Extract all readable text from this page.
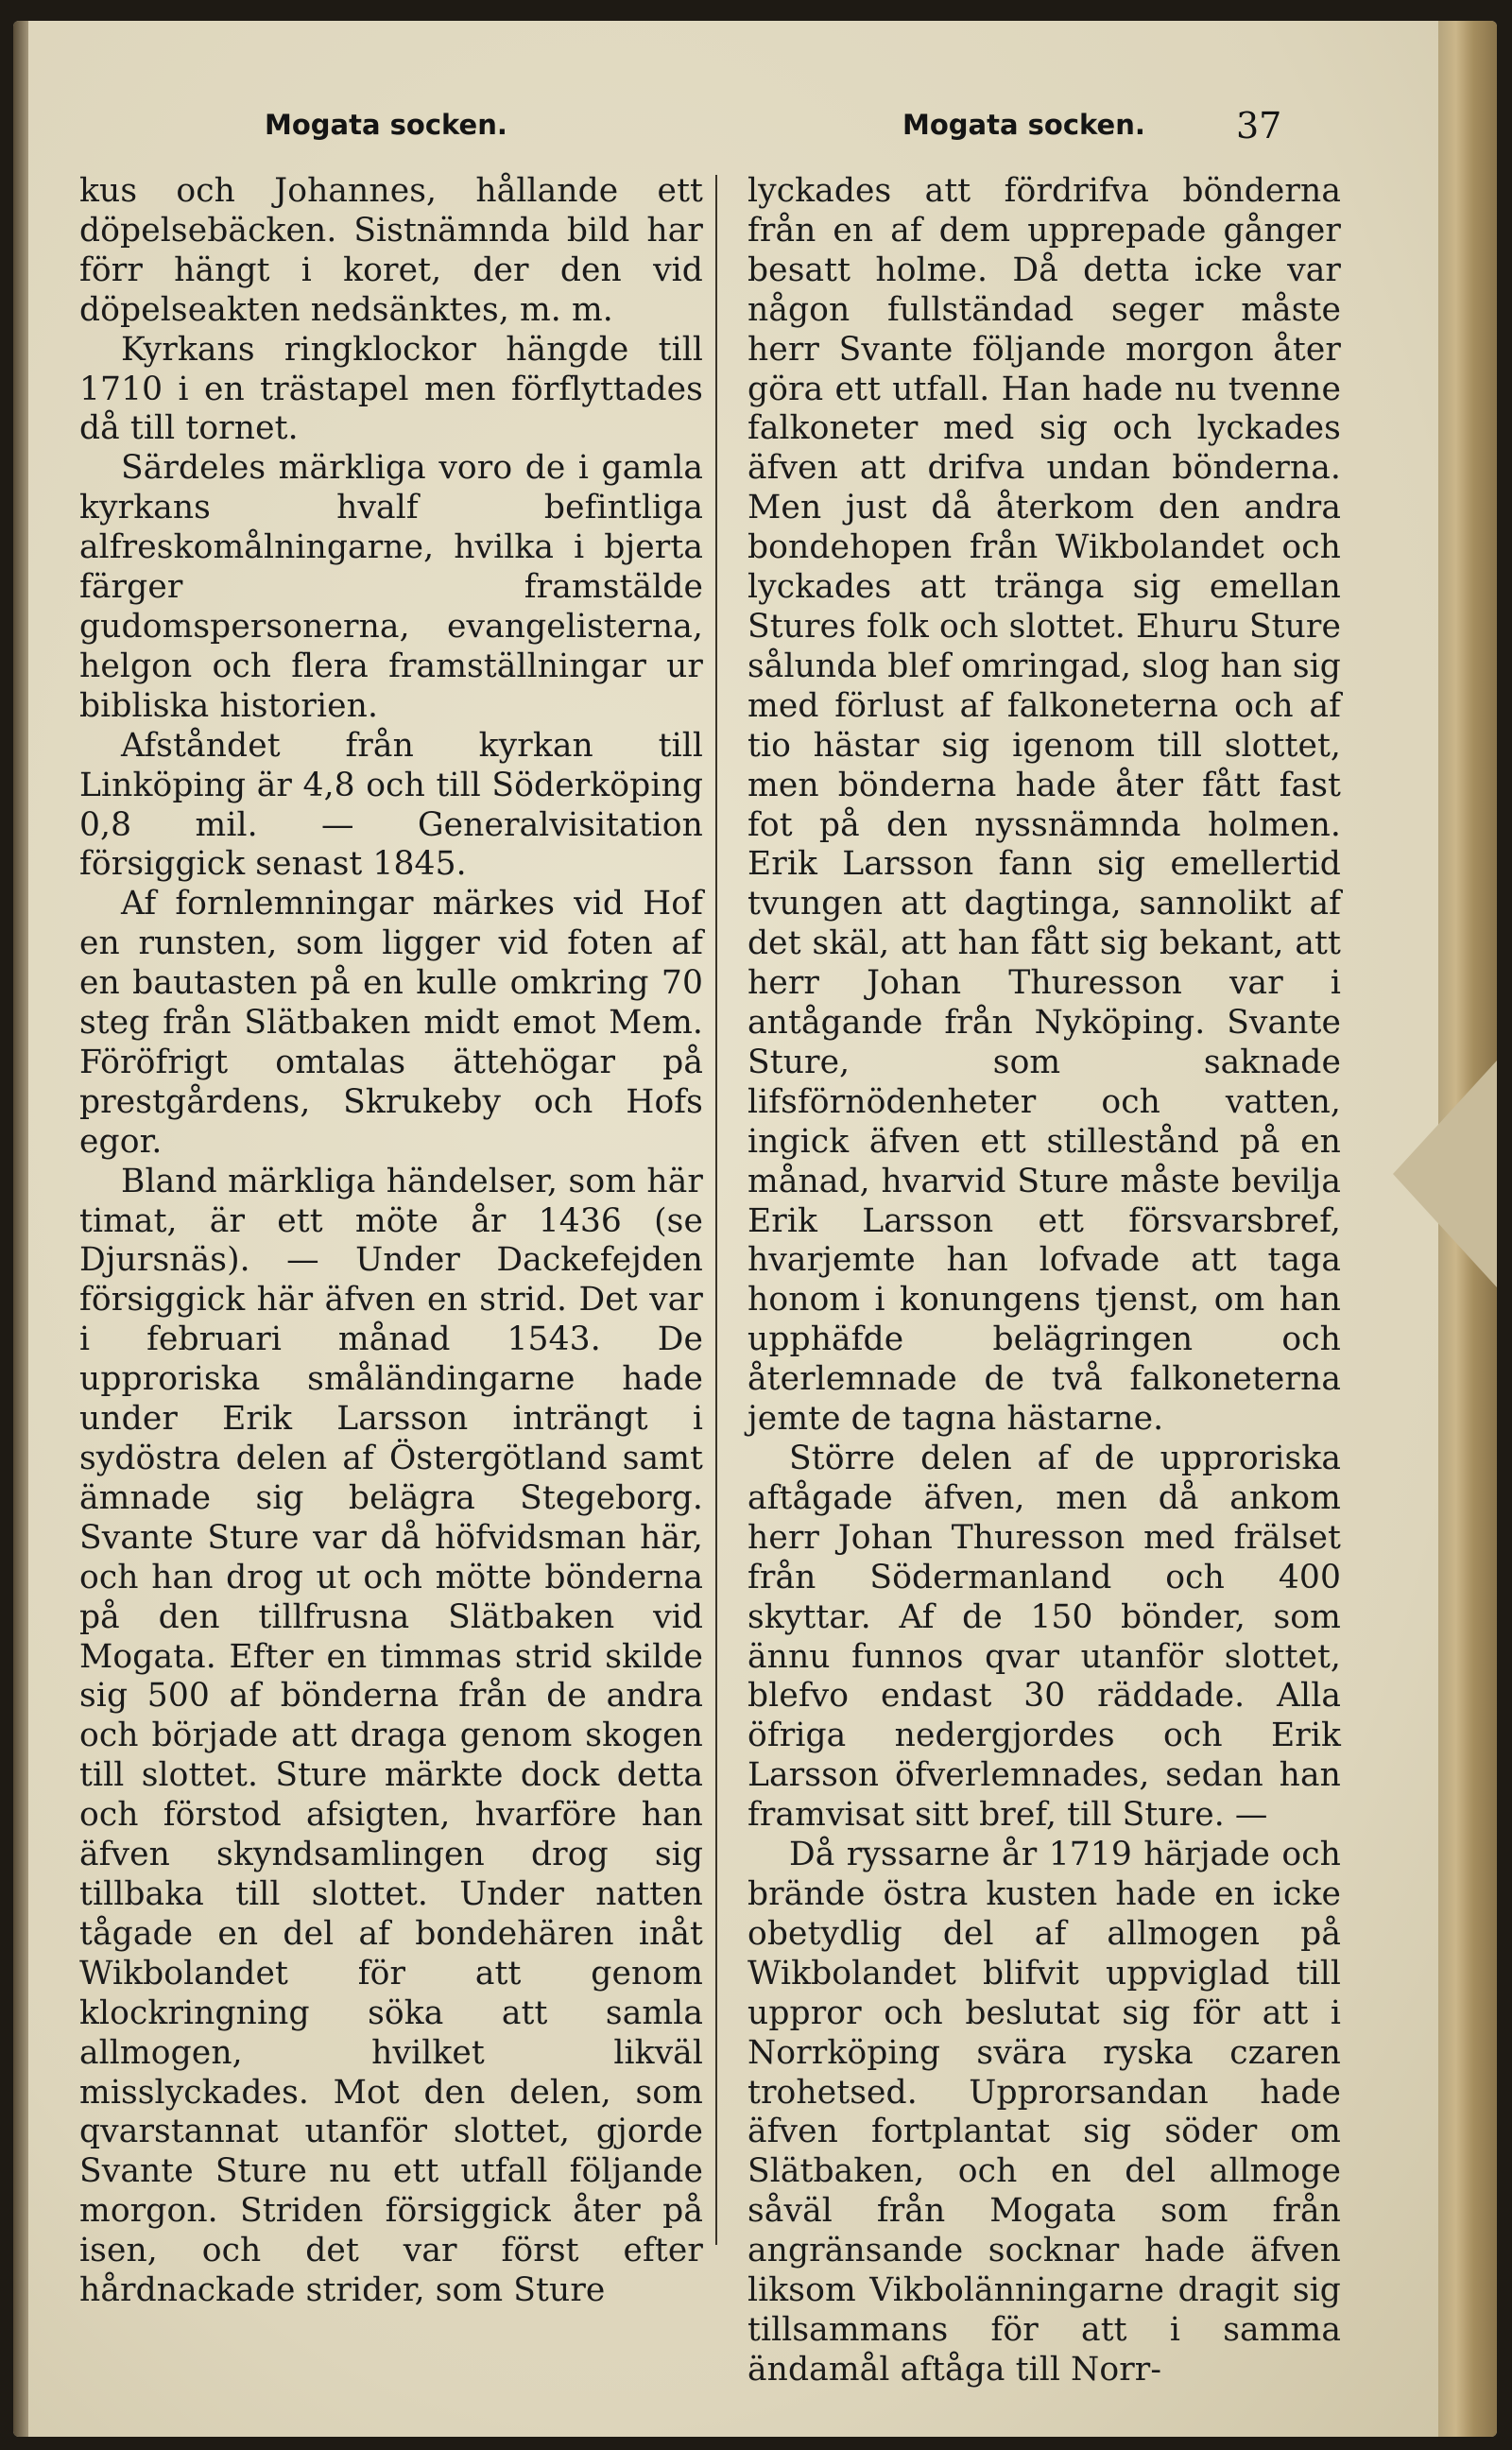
Mogata socken.	Mogata socken.	37

kus och Johannes, hållande ett döpelsebäcken. Sistnämnda bild har förr hängt i koret, der den vid döpelseakten nedsänktes, m. m.

Kyrkans ringklockor hängde till 1710 i en trästapel men förflyttades då till tornet.

Särdeles märkliga voro de i gamla kyrkans hvalf befintliga alfreskomålningarne, hvilka i bjerta färger framstälde gudomspersonerna, evangelisterna, helgon och flera framställningar ur bibliska historien.

Afståndet från kyrkan till Linköping är 4,8 och till Söderköping 0,8 mil. — Generalvisitation försiggick senast 1845.

Af fornlemningar märkes vid Hof en runsten, som ligger vid foten af en bautasten på en kulle omkring 70 steg från Slätbaken midt emot Mem. Föröfrigt omtalas ättehögar på prestgårdens, Skrukeby och Hofs egor.

Bland märkliga händelser, som här timat, är ett möte år 1436 (se Djursnäs). — Under Dackefejden försiggick här äfven en strid. Det var i februari månad 1543. De upproriska småländingarne hade under Erik Larsson inträngt i sydöstra delen af Östergötland samt ämnade sig belägra Stegeborg. Svante Sture var då höfvidsman här, och han drog ut och mötte bönderna på den tillfrusna Slätbaken vid Mogata. Efter en timmas strid skilde sig 500 af bönderna från de andra och började att draga genom skogen till slottet. Sture märkte dock detta och förstod afsigten, hvarföre han äfven skyndsamlingen drog sig tillbaka till slottet. Under natten tågade en del af bondehären inåt Wikbolandet för att genom klockringning söka att samla allmogen, hvilket likväl misslyckades. Mot den delen, som qvarstannat utanför slottet, gjorde Svante Sture nu ett utfall följande morgon. Striden försiggick åter på isen, och det var först efter hårdnackade strider, som Sture

lyckades att fördrifva bönderna från en af dem upprepade gånger besatt holme. Då detta icke var någon fullständad seger måste herr Svante följande morgon åter göra ett utfall. Han hade nu tvenne falkoneter med sig och lyckades äfven att drifva undan bönderna. Men just då återkom den andra bondehopen från Wikbolandet och lyckades att tränga sig emellan Stures folk och slottet. Ehuru Sture sålunda blef omringad, slog han sig med förlust af falkoneterna och af tio hästar sig igenom till slottet, men bönderna hade åter fått fast fot på den nyssnämnda holmen. Erik Larsson fann sig emellertid tvungen att dagtinga, sannolikt af det skäl, att han fått sig bekant, att herr Johan Thuresson var i antågande från Nyköping. Svante Sture, som saknade lifsförnödenheter och vatten, ingick äfven ett stillestånd på en månad, hvarvid Sture måste bevilja Erik Larsson ett försvarsbref, hvarjemte han lofvade att taga honom i konungens tjenst, om han upphäfde belägringen och återlemnade de två falkoneterna jemte de tagna hästarne.

Större delen af de upproriska aftågade äfven, men då ankom herr Johan Thuresson med frälset från Södermanland och 400 skyttar. Af de 150 bönder, som ännu funnos qvar utanför slottet, blefvo endast 30 räddade. Alla öfriga nedergjordes och Erik Larsson öfverlemnades, sedan han framvisat sitt bref, till Sture. —

Då ryssarne år 1719 härjade och brände östra kusten hade en icke obetydlig del af allmogen på Wikbolandet blifvit uppviglad till uppror och beslutat sig för att i Norrköping svära ryska czaren trohetsed. Upprorsandan hade äfven fortplantat sig söder om Slätbaken, och en del allmoge såväl från Mogata som från angränsande socknar hade äfven liksom Vikbolänningarne dragit sig tillsammans för att i samma ändamål aftåga till Norr-
